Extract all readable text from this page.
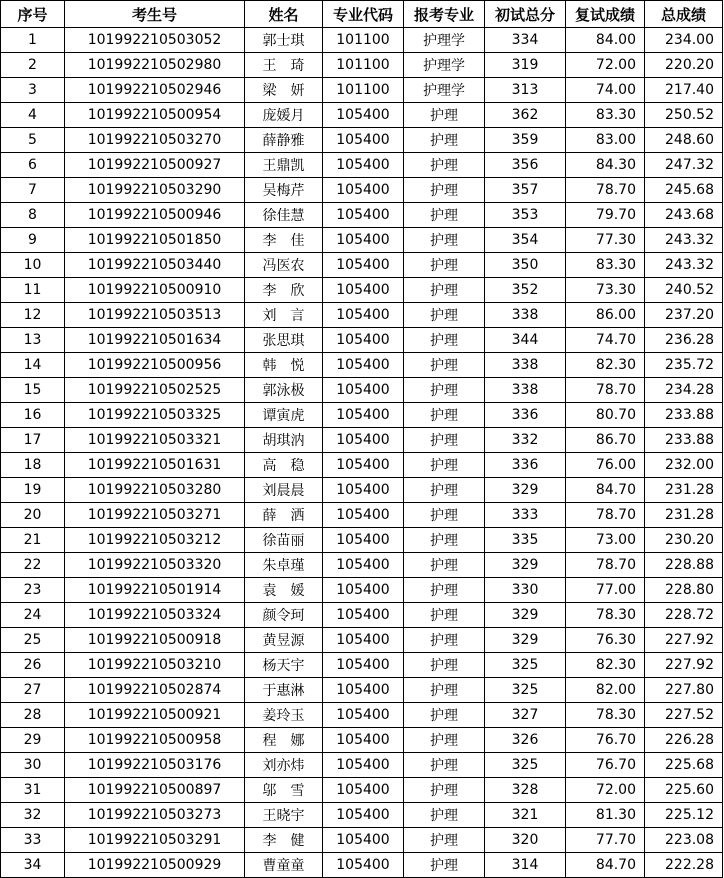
序号	考生号	姓名	专业代码	报考专业	初试总分	复试成绩	总成绩
1	101992210503052	郭士琪	101100	护理学	334	84.00	234.00
2	101992210502980	王　琦	101100	护理学	319	72.00	220.20
3	101992210502946	梁　妍	101100	护理学	313	74.00	217.40
4	101992210500954	庞媛月	105400	护理	362	83.30	250.52
5	101992210503270	薛静雅	105400	护理	359	83.00	248.60
6	101992210500927	王鼎凯	105400	护理	356	84.30	247.32
7	101992210503290	吴梅芹	105400	护理	357	78.70	245.68
8	101992210500946	徐佳慧	105400	护理	353	79.70	243.68
9	101992210501850	李　佳	105400	护理	354	77.30	243.32
10	101992210503440	冯医农	105400	护理	350	83.30	243.32
11	101992210500910	李　欣	105400	护理	352	73.30	240.52
12	101992210503513	刘　言	105400	护理	338	86.00	237.20
13	101992210501634	张思琪	105400	护理	344	74.70	236.28
14	101992210500956	韩　悦	105400	护理	338	82.30	235.72
15	101992210502525	郭泳极	105400	护理	338	78.70	234.28
16	101992210503325	谭寅虎	105400	护理	336	80.70	233.88
17	101992210503321	胡琪汭	105400	护理	332	86.70	233.88
18	101992210501631	高　稳	105400	护理	336	76.00	232.00
19	101992210503280	刘晨晨	105400	护理	329	84.70	231.28
20	101992210503271	薛　洒	105400	护理	333	78.70	231.28
21	101992210503212	徐苗丽	105400	护理	335	73.00	230.20
22	101992210503320	朱卓瑾	105400	护理	329	78.70	228.88
23	101992210501914	袁　媛	105400	护理	330	77.00	228.80
24	101992210503324	颜令珂	105400	护理	329	78.30	228.72
25	101992210500918	黄昱源	105400	护理	329	76.30	227.92
26	101992210503210	杨天宇	105400	护理	325	82.30	227.92
27	101992210502874	于惠淋	105400	护理	325	82.00	227.80
28	101992210500921	姜玲玉	105400	护理	327	78.30	227.52
29	101992210500958	程　娜	105400	护理	326	76.70	226.28
30	101992210503176	刘亦炜	105400	护理	325	76.70	225.68
31	101992210500897	邬　雪	105400	护理	328	72.00	225.60
32	101992210503273	王晓宇	105400	护理	321	81.30	225.12
33	101992210503291	李　健	105400	护理	320	77.70	223.08
34	101992210500929	曹童童	105400	护理	314	84.70	222.28
